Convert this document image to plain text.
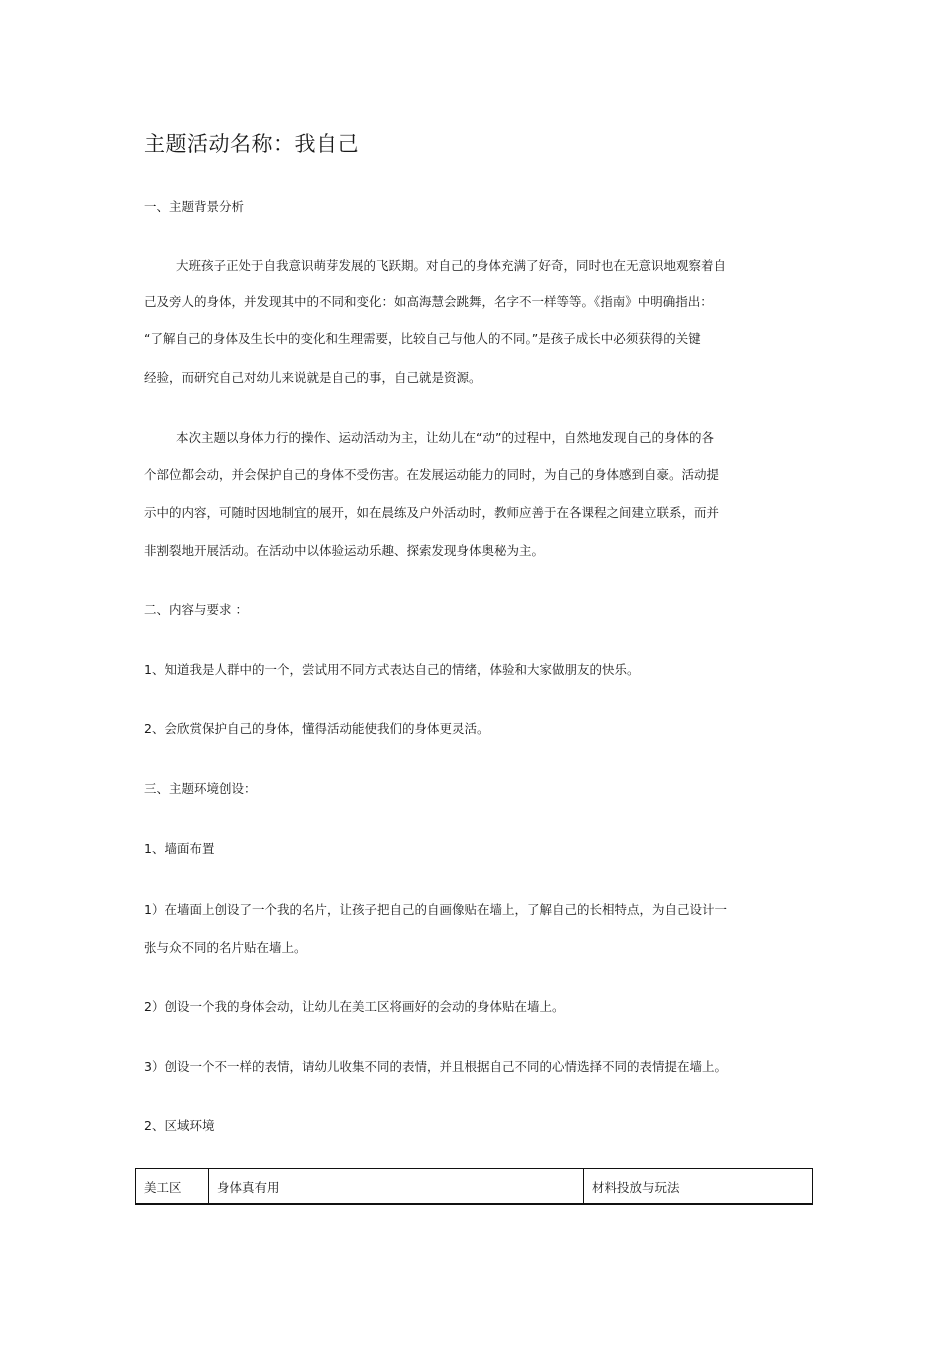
主题活动名称：我自己
一、主题背景分析
大班孩子正处于自我意识萌芽发展的飞跃期。对自己的身体充满了好奇，同时也在无意识地观察着自
己及旁人的身体，并发现其中的不同和变化：如高海慧会跳舞，名字不一样等等。《指南》中明确指出：
“了解自己的身体及生长中的变化和生理需要，比较自己与他人的不同。”是孩子成长中必须获得的关键
经验，而研究自己对幼儿来说就是自己的事，自己就是资源。
本次主题以身体力行的操作、运动活动为主，让幼儿在“动”的过程中，自然地发现自己的身体的各
个部位都会动，并会保护自己的身体不受伤害。在发展运动能力的同时，为自己的身体感到自豪。活动提
示中的内容，可随时因地制宜的展开，如在晨练及户外活动时，教师应善于在各课程之间建立联系，而并
非割裂地开展活动。在活动中以体验运动乐趣、探索发现身体奥秘为主。
二、内容与要求 ：
1、知道我是人群中的一个，尝试用不同方式表达自己的情绪，体验和大家做朋友的快乐。
2、会欣赏保护自己的身体，懂得活动能使我们的身体更灵活。
三、主题环境创设：
1、墙面布置
1）在墙面上创设了一个我的名片，让孩子把自己的自画像贴在墙上，了解自己的长相特点，为自己设计一
张与众不同的名片贴在墙上。
2）创设一个我的身体会动，让幼儿在美工区将画好的会动的身体贴在墙上。
3）创设一个不一样的表情，请幼儿收集不同的表情，并且根据自己不同的心情选择不同的表情提在墙上。
2、区域环境
美工区	身体真有用	材料投放与玩法
